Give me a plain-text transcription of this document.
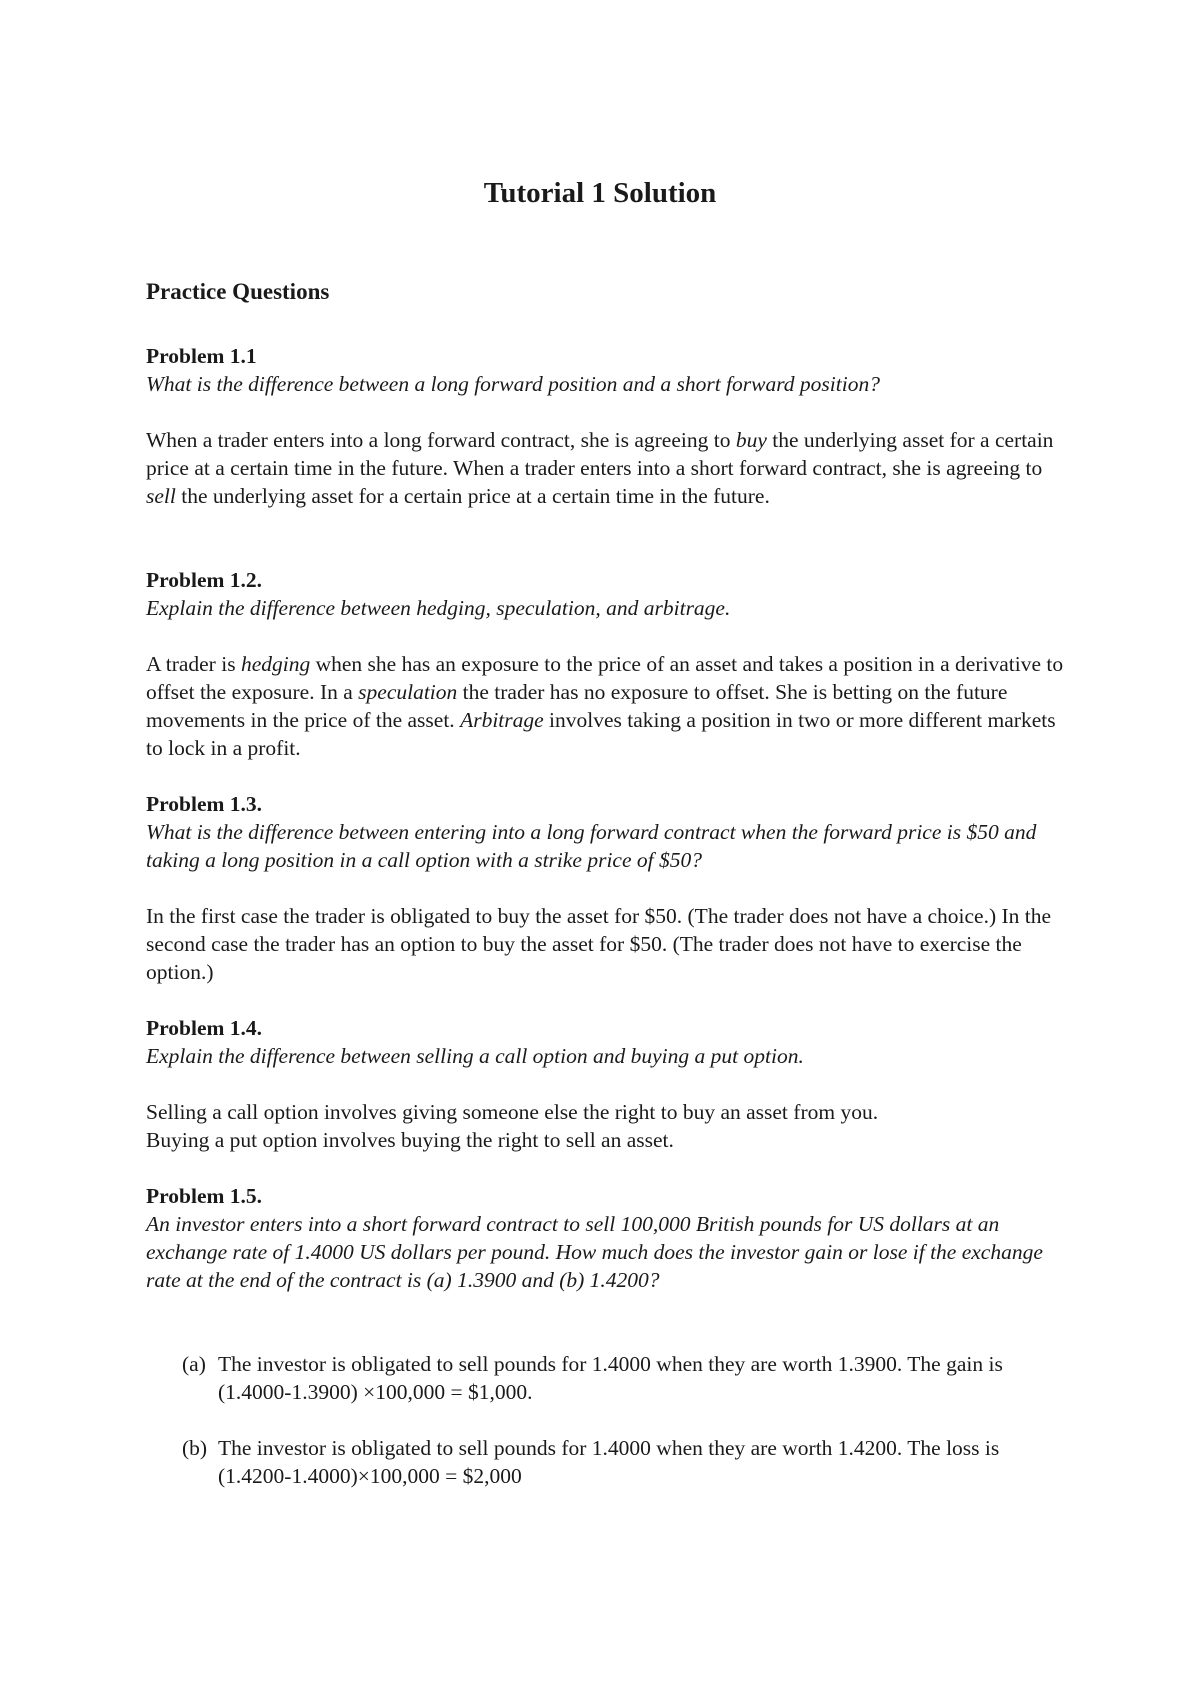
Tutorial 1 Solution
Practice Questions

Problem 1.1

What is the difference between a long forward position and a short forward position?

When a trader enters into a long forward contract, she is agreeing to buy the underlying asset for a certain price at a certain time in the future. When a trader enters into a short forward contract, she is agreeing to sell the underlying asset for a certain price at a certain time in the future.

Problem 1.2.

Explain the difference between hedging, speculation, and arbitrage.

A trader is hedging when she has an exposure to the price of an asset and takes a position in a derivative to offset the exposure. In a speculation the trader has no exposure to offset. She is betting on the future movements in the price of the asset. Arbitrage involves taking a position in two or more different markets to lock in a profit.

Problem 1.3.

What is the difference between entering into a long forward contract when the forward price is $50 and taking a long position in a call option with a strike price of $50?

In the first case the trader is obligated to buy the asset for $50. (The trader does not have a choice.) In the second case the trader has an option to buy the asset for $50. (The trader does not have to exercise the option.)

Problem 1.4.

Explain the difference between selling a call option and buying a put option.

Selling a call option involves giving someone else the right to buy an asset from you.

Buying a put option involves buying the right to sell an asset.

Problem 1.5.

An investor enters into a short forward contract to sell 100,000 British pounds for US dollars at an exchange rate of 1.4000 US dollars per pound. How much does the investor gain or lose if the exchange rate at the end of the contract is (a) 1.3900 and (b) 1.4200?

(a) The investor is obligated to sell pounds for 1.4000 when they are worth 1.3900. The gain is (1.4000-1.3900) ×100,000 = $1,000.
(b) The investor is obligated to sell pounds for 1.4000 when they are worth 1.4200. The loss is (1.4200-1.4000)×100,000 = $2,000
